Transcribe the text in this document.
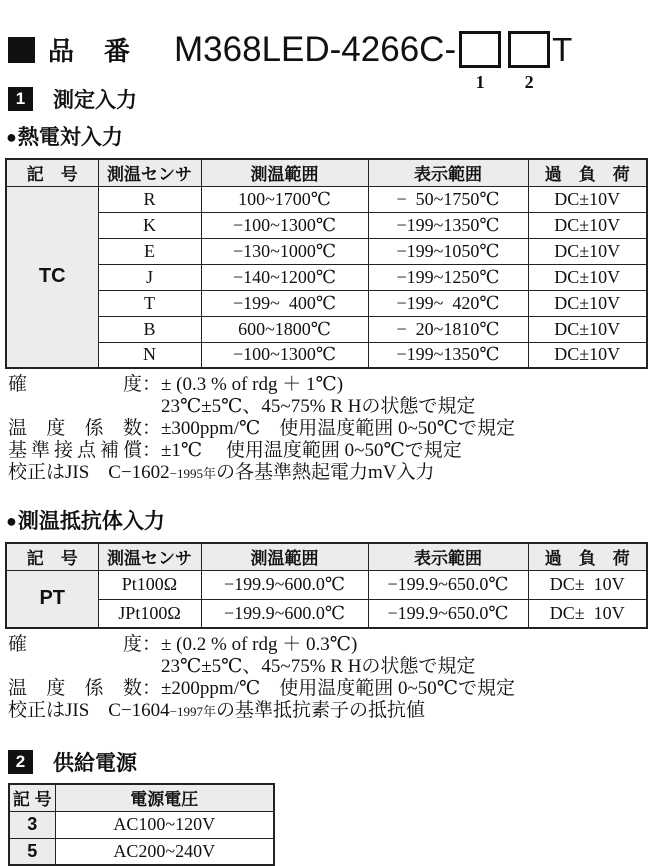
品番 M368LED-4266C-
1	2
T
1	測定入力
●熱電対入力
記　号	測温センサ	測温範囲	表示範囲	過　負　荷
TC	R	100~1700℃	−  50~1750℃	DC±10V
	K	−100~1300℃	−199~1350℃	DC±10V
	E	−130~1000℃	−199~1050℃	DC±10V
	J	−140~1200℃	−199~1250℃	DC±10V
	T	−199~  400℃	−199~  420℃	DC±10V
	B	600~1800℃	−  20~1810℃	DC±10V
	N	−100~1300℃	−199~1350℃	DC±10V
確度：± (0.3 % of rdg ＋ 1℃)
23℃±5℃、45~75% R Hの状態で規定
温度係数：±300ppm/℃　使用温度範囲 0~50℃で規定
基準接点補償：±1℃　 使用温度範囲 0~50℃で規定
校正はJIS　C−1602−1995年の各基準熱起電力mV入力
●測温抵抗体入力
記　号	測温センサ	測温範囲	表示範囲	過　負　荷
PT	Pt100Ω	−199.9~600.0℃	−199.9~650.0℃	DC±  10V
	JPt100Ω	−199.9~600.0℃	−199.9~650.0℃	DC±  10V
確度：± (0.2 % of rdg ＋ 0.3℃)
23℃±5℃、45~75% R Hの状態で規定
温度係数：±200ppm/℃　使用温度範囲 0~50℃で規定
校正はJIS　C−1604−1997年の基準抵抗素子の抵抗値
2	供給電源
記 号	電源電圧
3	AC100~120V
5	AC200~240V
